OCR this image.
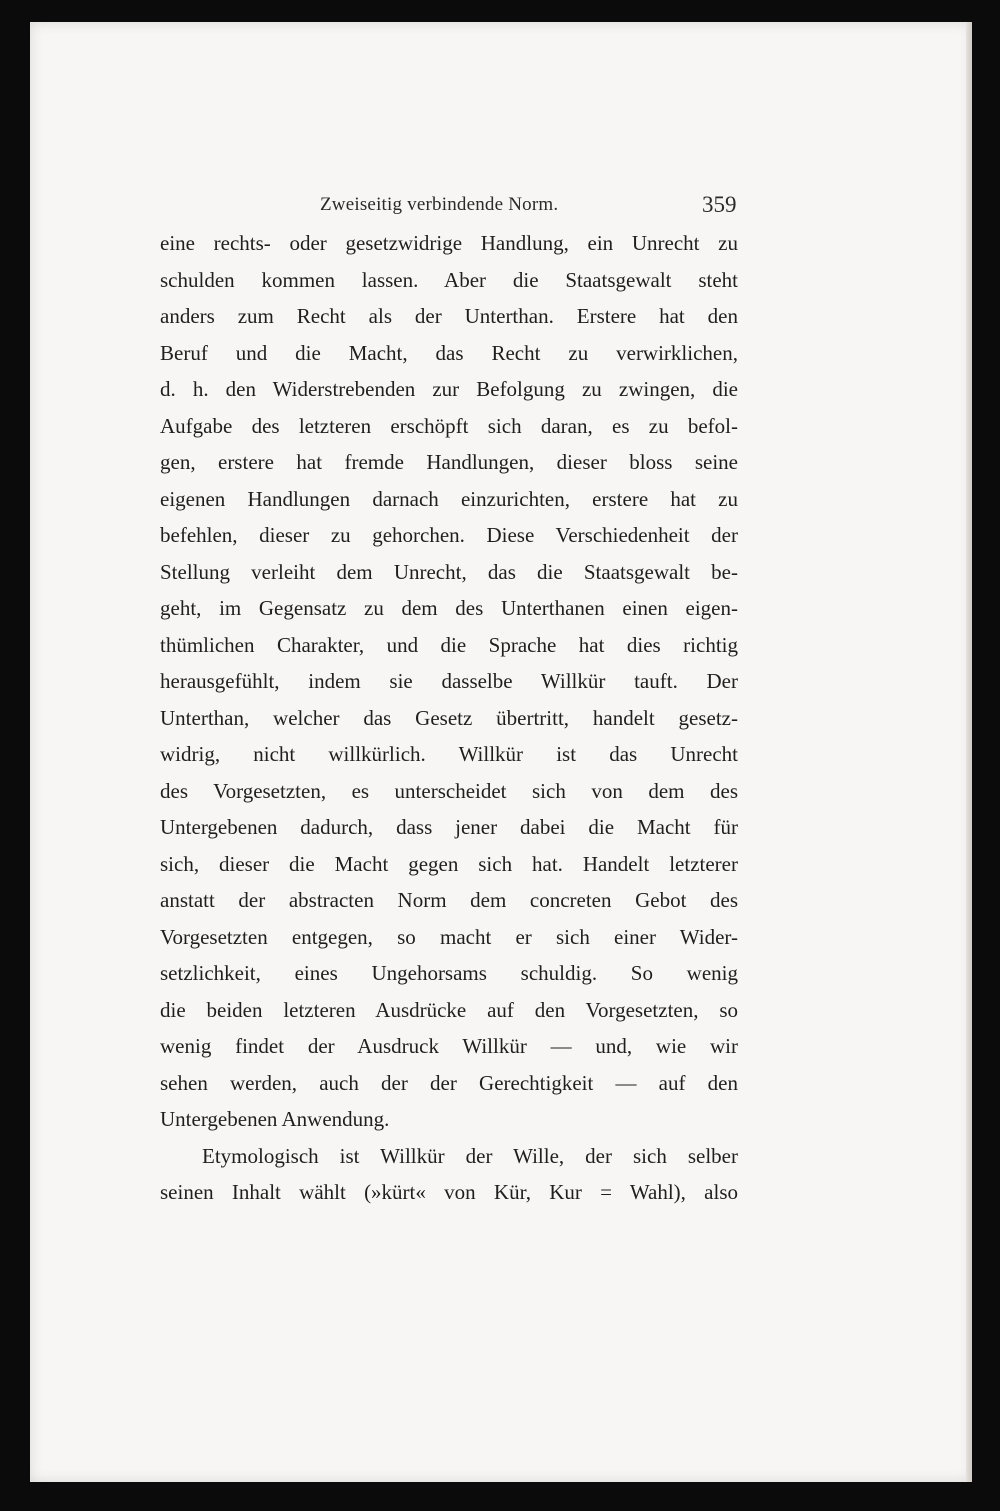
Zweiseitig verbindende Norm.	359
eine rechts- oder gesetzwidrige Handlung, ein Unrecht zu
schulden kommen lassen. Aber die Staatsgewalt steht
anders zum Recht als der Unterthan. Erstere hat den
Beruf und die Macht, das Recht zu verwirklichen,
d. h. den Widerstrebenden zur Befolgung zu zwingen, die
Aufgabe des letzteren erschöpft sich daran, es zu befol-
gen, erstere hat fremde Handlungen, dieser bloss seine
eigenen Handlungen darnach einzurichten, erstere hat zu
befehlen, dieser zu gehorchen. Diese Verschiedenheit der
Stellung verleiht dem Unrecht, das die Staatsgewalt be-
geht, im Gegensatz zu dem des Unterthanen einen eigen-
thümlichen Charakter, und die Sprache hat dies richtig
herausgefühlt, indem sie dasselbe Willkür tauft. Der
Unterthan, welcher das Gesetz übertritt, handelt gesetz-
widrig, nicht willkürlich. Willkür ist das Unrecht
des Vorgesetzten, es unterscheidet sich von dem des
Untergebenen dadurch, dass jener dabei die Macht für
sich, dieser die Macht gegen sich hat. Handelt letzterer
anstatt der abstracten Norm dem concreten Gebot des
Vorgesetzten entgegen, so macht er sich einer Wider-
setzlichkeit, eines Ungehorsams schuldig. So wenig
die beiden letzteren Ausdrücke auf den Vorgesetzten, so
wenig findet der Ausdruck Willkür — und, wie wir
sehen werden, auch der der Gerechtigkeit — auf den
Untergebenen Anwendung.
Etymologisch ist Willkür der Wille, der sich selber
seinen Inhalt wählt (»kürt« von Kür, Kur = Wahl), also
